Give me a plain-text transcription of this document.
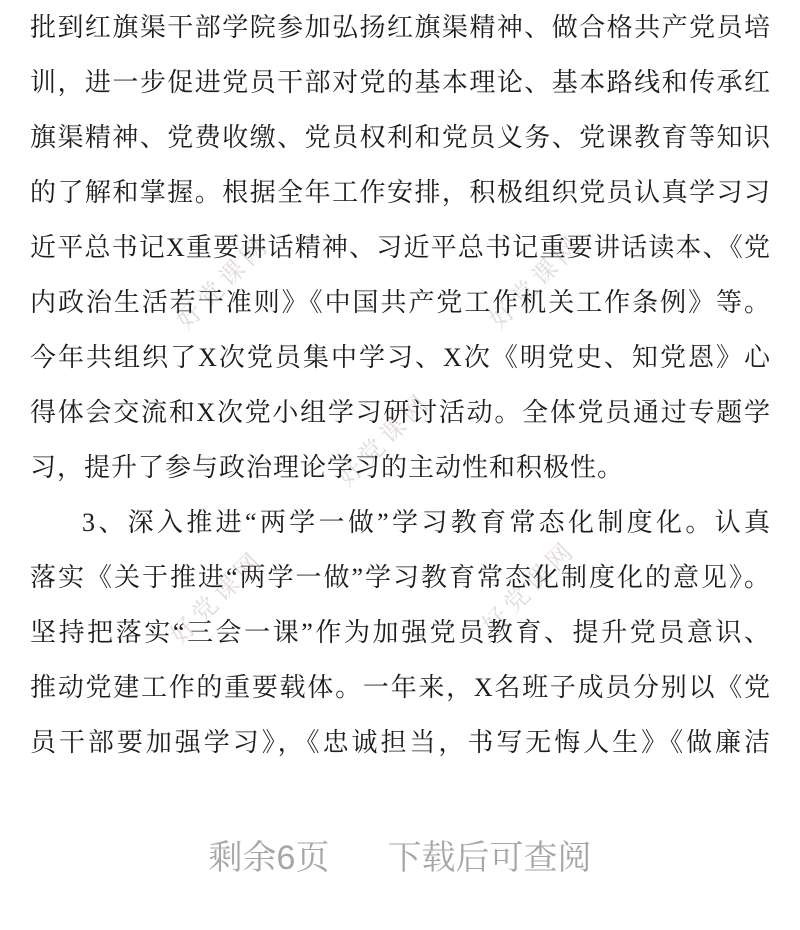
好党课网	好党课网
好党课网
好党课网	好党课网
批到红旗渠干部学院参加弘扬红旗渠精神、做合格共产党员培
训，进一步促进党员干部对党的基本理论、基本路线和传承红
旗渠精神、党费收缴、党员权利和党员义务、党课教育等知识
的了解和掌握。根据全年工作安排，积极组织党员认真学习习
近平总书记X重要讲话精神、习近平总书记重要讲话读本、《党
内政治生活若干准则》《中国共产党工作机关工作条例》等。
今年共组织了X次党员集中学习、X次《明党史、知党恩》心
得体会交流和X次党小组学习研讨活动。全体党员通过专题学
习，提升了参与政治理论学习的主动性和积极性。
3、深入推进“两学一做”学习教育常态化制度化。认真
落实《关于推进“两学一做”学习教育常态化制度化的意见》。
坚持把落实“三会一课”作为加强党员教育、提升党员意识、
推动党建工作的重要载体。一年来，X名班子成员分别以《党
员干部要加强学习》，《忠诚担当，书写无悔人生》《做廉洁
剩余6页 下载后可查阅
